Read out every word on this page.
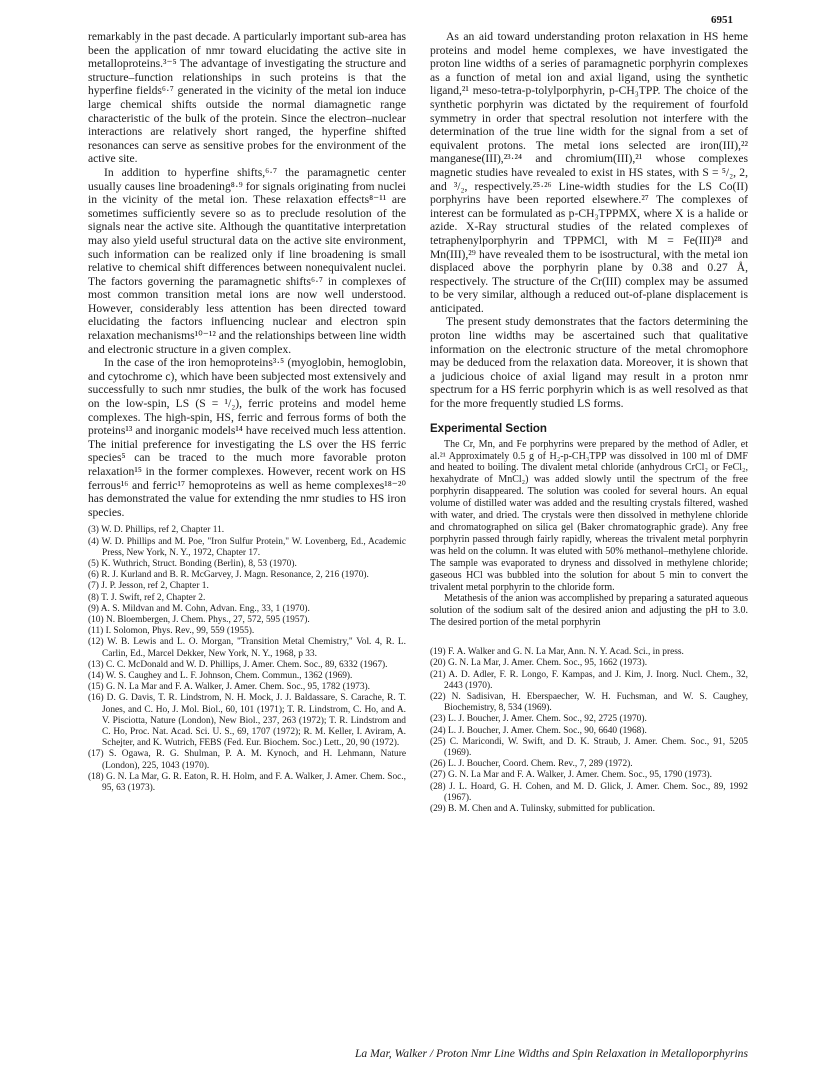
6951

remarkably in the past decade. A particularly important sub-area has been the application of nmr toward elucidating the active site in metalloproteins.³⁻⁵ The advantage of investigating the structure and structure–function relationships in such proteins is that the hyperfine fields⁶·⁷ generated in the vicinity of the metal ion induce large chemical shifts outside the normal diamagnetic range characteristic of the bulk of the protein. Since the electron–nuclear interactions are relatively short ranged, the hyperfine shifted resonances can serve as sensitive probes for the environment of the active site.

In addition to hyperfine shifts,⁶·⁷ the paramagnetic center usually causes line broadening⁸·⁹ for signals originating from nuclei in the vicinity of the metal ion. These relaxation effects⁸⁻¹¹ are sometimes sufficiently severe so as to preclude resolution of the signals near the active site. Although the quantitative interpretation may also yield useful structural data on the active site environment, such information can be realized only if line broadening is small relative to chemical shift differences between nonequivalent nuclei. The factors governing the paramagnetic shifts⁶·⁷ in complexes of most common transition metal ions are now well understood. However, considerably less attention has been directed toward elucidating the factors influencing nuclear and electron spin relaxation mechanisms¹⁰⁻¹² and the relationships between line width and electronic structure in a given complex.

In the case of the iron hemoproteins³·⁵ (myoglobin, hemoglobin, and cytochrome c), which have been subjected most extensively and successfully to such nmr studies, the bulk of the work has focused on the low-spin, LS (S = ¹/₂), ferric proteins and model heme complexes. The high-spin, HS, ferric and ferrous forms of both the proteins¹³ and inorganic models¹⁴ have received much less attention. The initial preference for investigating the LS over the HS ferric species⁵ can be traced to the much more favorable proton relaxation¹⁵ in the former complexes. However, recent work on HS ferrous¹⁶ and ferric¹⁷ hemoproteins as well as heme complexes¹⁸⁻²⁰ has demonstrated the value for extending the nmr studies to HS iron species.

(3) W. D. Phillips, ref 2, Chapter 11.
(4) W. D. Phillips and M. Poe, "Iron Sulfur Protein," W. Lovenberg, Ed., Academic Press, New York, N. Y., 1972, Chapter 17.
(5) K. Wuthrich, Struct. Bonding (Berlin), 8, 53 (1970).
(6) R. J. Kurland and B. R. McGarvey, J. Magn. Resonance, 2, 216 (1970).
(7) J. P. Jesson, ref 2, Chapter 1.
(8) T. J. Swift, ref 2, Chapter 2.
(9) A. S. Mildvan and M. Cohn, Advan. Eng., 33, 1 (1970).
(10) N. Bloembergen, J. Chem. Phys., 27, 572, 595 (1957).
(11) I. Solomon, Phys. Rev., 99, 559 (1955).
(12) W. B. Lewis and L. O. Morgan, "Transition Metal Chemistry," Vol. 4, R. L. Carlin, Ed., Marcel Dekker, New York, N. Y., 1968, p 33.
(13) C. C. McDonald and W. D. Phillips, J. Amer. Chem. Soc., 89, 6332 (1967).
(14) W. S. Caughey and L. F. Johnson, Chem. Commun., 1362 (1969).
(15) G. N. La Mar and F. A. Walker, J. Amer. Chem. Soc., 95, 1782 (1973).
(16) D. G. Davis, T. R. Lindstrom, N. H. Mock, J. J. Baldassare, S. Carache, R. T. Jones, and C. Ho, J. Mol. Biol., 60, 101 (1971); T. R. Lindstrom, C. Ho, and A. V. Pisciotta, Nature (London), New Biol., 237, 263 (1972); T. R. Lindstrom and C. Ho, Proc. Nat. Acad. Sci. U. S., 69, 1707 (1972); R. M. Keller, I. Aviram, A. Schejter, and K. Wutrich, FEBS (Fed. Eur. Biochem. Soc.) Lett., 20, 90 (1972).
(17) S. Ogawa, R. G. Shulman, P. A. M. Kynoch, and H. Lehmann, Nature (London), 225, 1043 (1970).
(18) G. N. La Mar, G. R. Eaton, R. H. Holm, and F. A. Walker, J. Amer. Chem. Soc., 95, 63 (1973).

As an aid toward understanding proton relaxation in HS heme proteins and model heme complexes, we have investigated the proton line widths of a series of paramagnetic porphyrin complexes as a function of metal ion and axial ligand, using the synthetic ligand,²¹ meso-tetra-p-tolylporphyrin, p-CH₃TPP. The choice of the synthetic porphyrin was dictated by the requirement of fourfold symmetry in order that spectral resolution not interfere with the determination of the true line width for the signal from a set of equivalent protons. The metal ions selected are iron(III),²² manganese(III),²³·²⁴ and chromium(III),²¹ whose complexes magnetic studies have revealed to exist in HS states, with S = ⁵/₂, 2, and ³/₂, respectively.²⁵·²⁶ Line-width studies for the LS Co(II) porphyrins have been reported elsewhere.²⁷ The complexes of interest can be formulated as p-CH₃TPPMX, where X is a halide or azide. X-Ray structural studies of the related complexes of tetraphenylporphyrin and TPPMCl, with M = Fe(III)²⁸ and Mn(III),²⁹ have revealed them to be isostructural, with the metal ion displaced above the porphyrin plane by 0.38 and 0.27 Å, respectively. The structure of the Cr(III) complex may be assumed to be very similar, although a reduced out-of-plane displacement is anticipated.

The present study demonstrates that the factors determining the proton line widths may be ascertained such that qualitative information on the electronic structure of the metal chromophore may be deduced from the relaxation data. Moreover, it is shown that a judicious choice of axial ligand may result in a proton nmr spectrum for a HS ferric porphyrin which is as well resolved as that for the more frequently studied LS forms.

Experimental Section

The Cr, Mn, and Fe porphyrins were prepared by the method of Adler, et al.²¹ Approximately 0.5 g of H₂-p-CH₃TPP was dissolved in 100 ml of DMF and heated to boiling. The divalent metal chloride (anhydrous CrCl₂ or FeCl₂, hexahydrate of MnCl₂) was added slowly until the spectrum of the free porphyrin disappeared. The solution was cooled for several hours. An equal volume of distilled water was added and the resulting crystals filtered, washed with water, and dried. The crystals were then dissolved in methylene chloride and chromatographed on silica gel (Baker chromatographic grade). Any free porphyrin passed through fairly rapidly, whereas the trivalent metal porphyrin was held on the column. It was eluted with 50% methanol–methylene chloride. The sample was evaporated to dryness and dissolved in methylene chloride; gaseous HCl was bubbled into the solution for about 5 min to convert the trivalent metal porphyrin to the chloride form.

Metathesis of the anion was accomplished by preparing a saturated aqueous solution of the sodium salt of the desired anion and adjusting the pH to 3.0. The desired portion of the metal porphyrin

(19) F. A. Walker and G. N. La Mar, Ann. N. Y. Acad. Sci., in press.
(20) G. N. La Mar, J. Amer. Chem. Soc., 95, 1662 (1973).
(21) A. D. Adler, F. R. Longo, F. Kampas, and J. Kim, J. Inorg. Nucl. Chem., 32, 2443 (1970).
(22) N. Sadisivan, H. Eberspaecher, W. H. Fuchsman, and W. S. Caughey, Biochemistry, 8, 534 (1969).
(23) L. J. Boucher, J. Amer. Chem. Soc., 92, 2725 (1970).
(24) L. J. Boucher, J. Amer. Chem. Soc., 90, 6640 (1968).
(25) C. Maricondi, W. Swift, and D. K. Straub, J. Amer. Chem. Soc., 91, 5205 (1969).
(26) L. J. Boucher, Coord. Chem. Rev., 7, 289 (1972).
(27) G. N. La Mar and F. A. Walker, J. Amer. Chem. Soc., 95, 1790 (1973).
(28) J. L. Hoard, G. H. Cohen, and M. D. Glick, J. Amer. Chem. Soc., 89, 1992 (1967).
(29) B. M. Chen and A. Tulinsky, submitted for publication.
La Mar, Walker / Proton Nmr Line Widths and Spin Relaxation in Metalloporphyrins
